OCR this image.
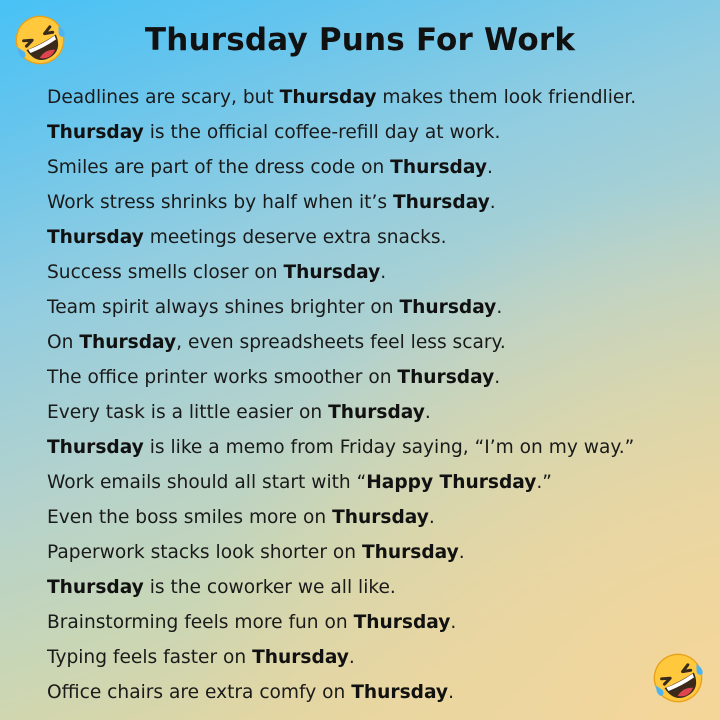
Thursday Puns For Work
Deadlines are scary, but Thursday makes them look friendlier.
Thursday is the official coffee-refill day at work.
Smiles are part of the dress code on Thursday.
Work stress shrinks by half when it’s Thursday.
Thursday meetings deserve extra snacks.
Success smells closer on Thursday.
Team spirit always shines brighter on Thursday.
On Thursday, even spreadsheets feel less scary.
The office printer works smoother on Thursday.
Every task is a little easier on Thursday.
Thursday is like a memo from Friday saying, “I’m on my way.”
Work emails should all start with “Happy Thursday.”
Even the boss smiles more on Thursday.
Paperwork stacks look shorter on Thursday.
Thursday is the coworker we all like.
Brainstorming feels more fun on Thursday.
Typing feels faster on Thursday.
Office chairs are extra comfy on Thursday.
